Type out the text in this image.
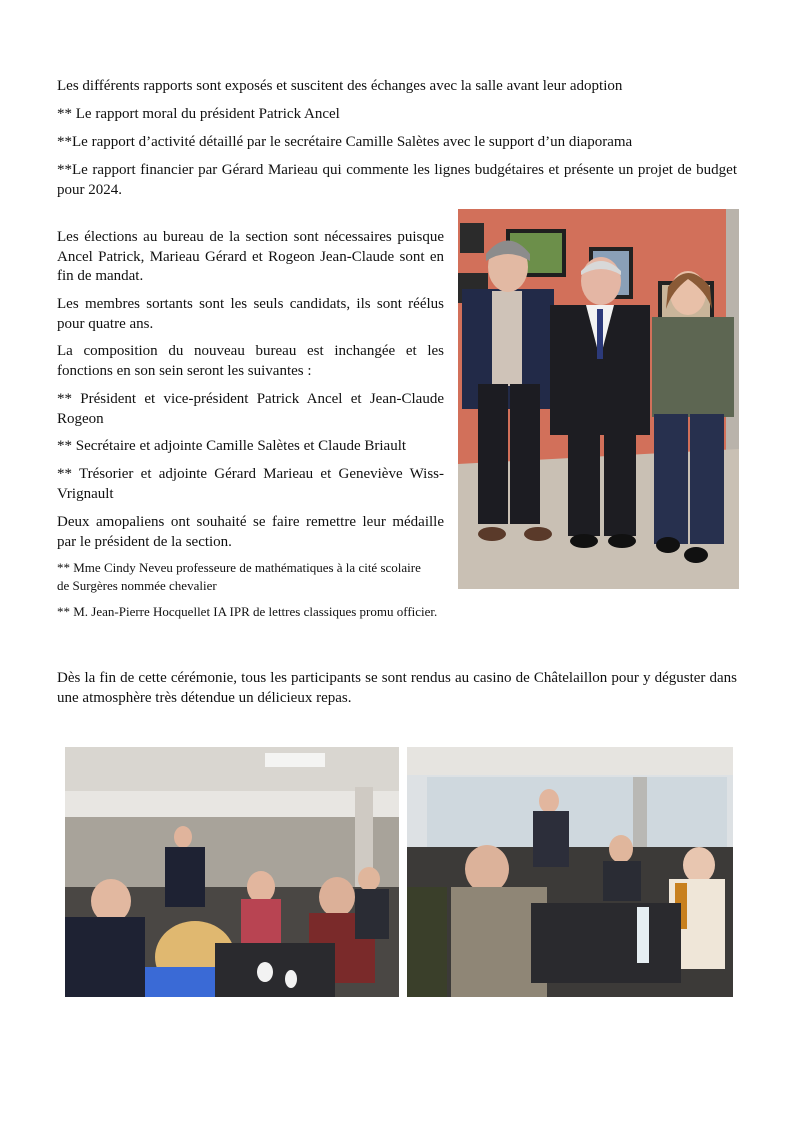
Les différents rapports sont exposés et suscitent des échanges avec la salle avant leur adoption

** Le rapport moral du président Patrick Ancel

**Le rapport d’activité détaillé par le secrétaire Camille Salètes avec le support d’un diaporama

**Le rapport financier par Gérard Marieau qui commente les lignes budgétaires et présente un projet de budget pour 2024.

Les élections au bureau de la section sont nécessaires puisque Ancel Patrick, Marieau Gérard et Rogeon Jean-Claude sont en fin de mandat.

Les membres sortants sont les seuls candidats, ils sont réélus pour quatre ans.

La composition du nouveau bureau est inchangée et les fonctions en son sein seront les suivantes :

** Président et vice-président Patrick Ancel et Jean-Claude Rogeon

** Secrétaire et adjointe Camille Salètes et Claude Briault

** Trésorier et adjointe Gérard Marieau et Geneviève Wiss-Vrignault

Deux amopaliens ont souhaité se faire remettre leur médaille par le président de la section.

** Mme Cindy Neveu professeure de mathématiques à la cité scolaire de Surgères nommée chevalier

** M. Jean-Pierre Hocquellet IA IPR de lettres classiques promu officier.

Dès la fin de cette cérémonie, tous les participants se sont rendus au casino de Châtelaillon pour y déguster dans une atmosphère très détendue un délicieux repas.
